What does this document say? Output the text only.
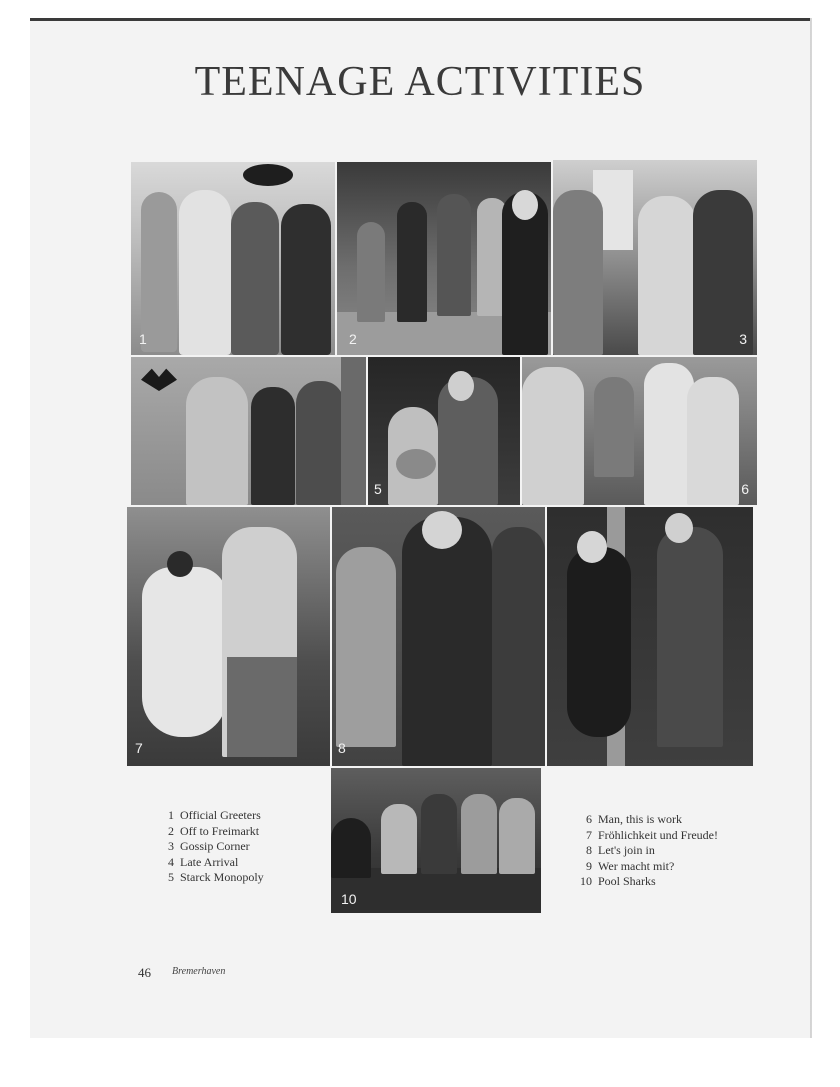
TEENAGE ACTIVITIES
1	2	3
5	6
7	8
10
1 Official Greeters
2 Off to Freimarkt
3 Gossip Corner
4 Late Arrival
5 Starck Monopoly
6 Man, this is work
7 Fröhlichkeit und Freude!
8 Let's join in
9 Wer macht mit?
10 Pool Sharks
46 Bremerhaven
